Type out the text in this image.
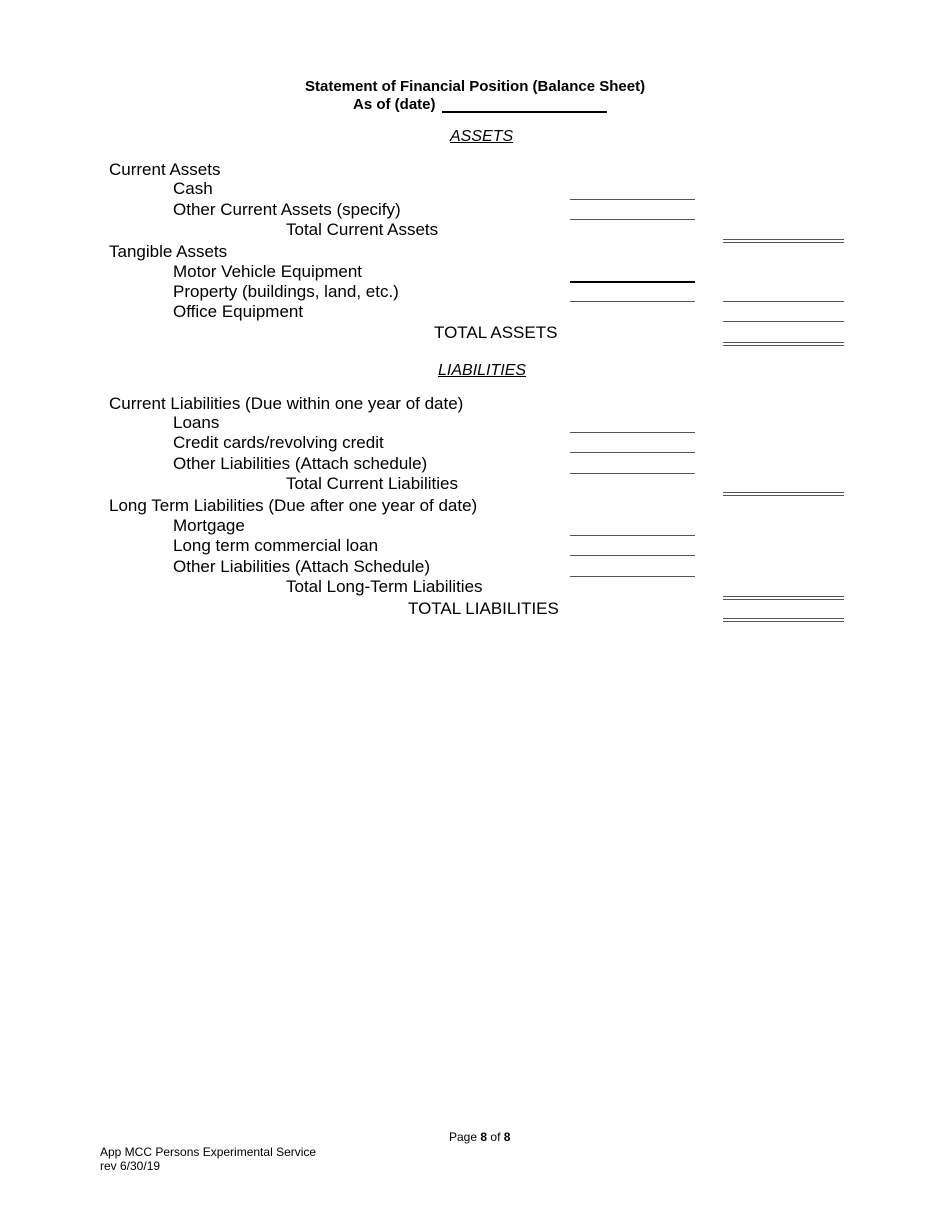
Statement of Financial Position (Balance Sheet)
As of (date)
ASSETS
Current Assets
Cash
Other Current Assets (specify)
Total Current Assets
Tangible Assets
Motor Vehicle Equipment
Property (buildings, land, etc.)
Office Equipment
TOTAL ASSETS
LIABILITIES
Current Liabilities (Due within one year of date)
Loans
Credit cards/revolving credit
Other Liabilities (Attach schedule)
Total Current Liabilities
Long Term Liabilities (Due after one year of date)
Mortgage
Long term commercial loan
Other Liabilities (Attach Schedule)
Total Long-Term Liabilities
TOTAL LIABILITIES
Page 8 of 8
App MCC Persons Experimental Service
rev 6/30/19
